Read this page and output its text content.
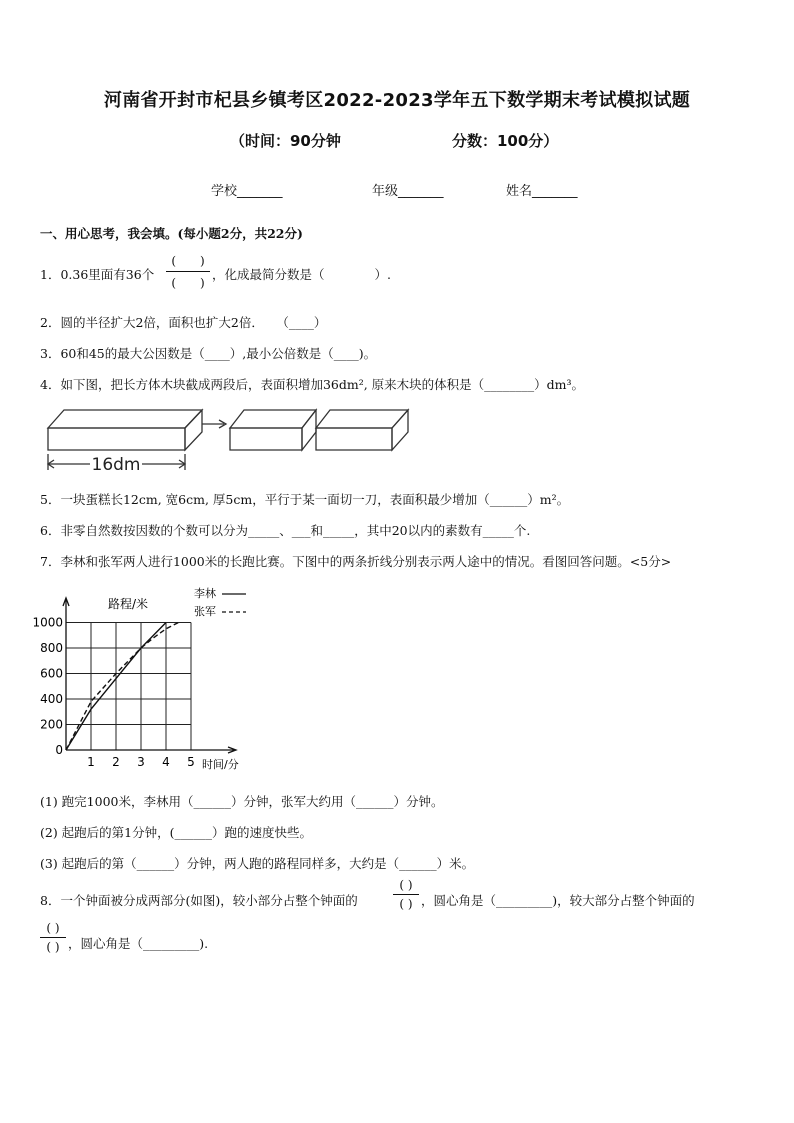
河南省开封市杞县乡镇考区2022-2023学年五下数学期末考试模拟试题
（时间：90分钟	分数：100分）
学校_______	年级_______	姓名_______
一、用心思考，我会填。(每小题2分，共22分)
1．0.36里面有36个
(　　)
(　　)
，化成最简分数是（　　　　）.
2．圆的半径扩大2倍，面积也扩大2倍．　　（____）
3．60和45的最大公因数是（____）,最小公倍数是（____)。
4．如下图，把长方体木块截成两段后，表面积增加36dm², 原来木块的体积是（________）dm³。
16dm
5．一块蛋糕长12cm, 宽6cm, 厚5cm，平行于某一面切一刀，表面积最少增加（______）m²。
6．非零自然数按因数的个数可以分为_____、___和_____，其中20以内的素数有_____个.
7．李林和张军两人进行1000米的长跑比赛。下图中的两条折线分别表示两人途中的情况。看图回答问题。<5分>
0
200
400
600
800
1000
1 2 3 4 5
路程/米
时间/分
李林
张军
(1) 跑完1000米，李林用（______）分钟，张军大约用（______）分钟。
(2) 起跑后的第1分钟，(______）跑的速度快些。
(3) 起跑后的第（______）分钟，两人跑的路程同样多，大约是（______）米。
8．一个钟面被分成两部分(如图)，较小部分占整个钟面的
( )
( ) ，圆心角是（_________)，较大部分占整个钟面的
( )
( ) ，圆心角是（_________).
